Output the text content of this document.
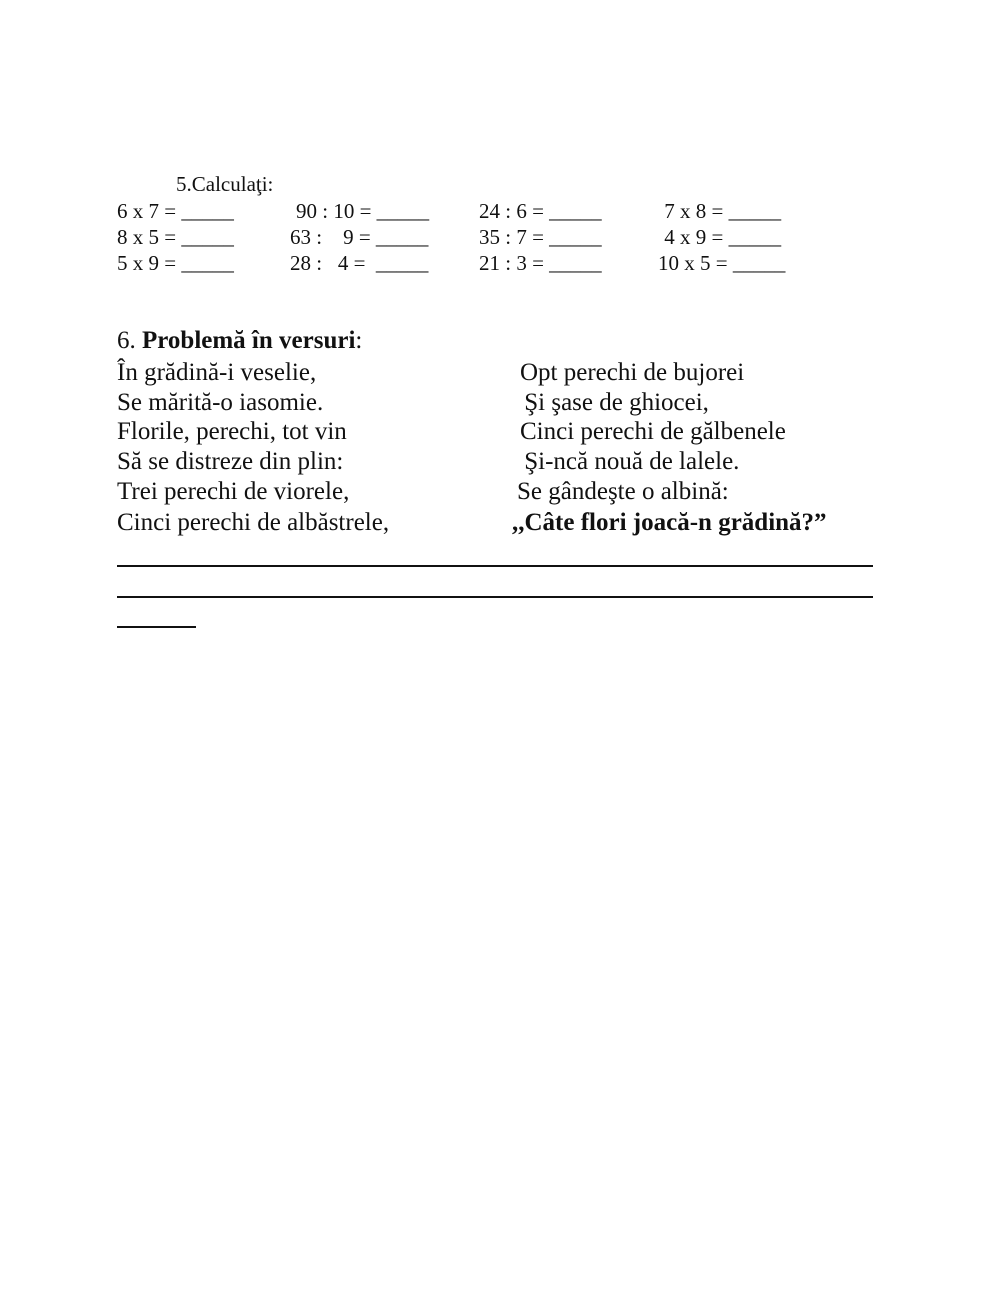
5.Calculaţi:
6 x 7 = _____	90 : 10 = _____ 24 : 6 = _____	7 x 8 = _____
8 x 5 = _____	63 :    9 = _____ 35 : 7 = _____	4 x 9 = _____
5 x 9 = _____	28 :   4 =  _____ 21 : 3 = _____	10 x 5 = _____
6. Problemă în versuri:
În grădină-i veselie,
Se mărită-o iasomie.
Florile, perechi, tot vin
Să se distreze din plin:
Trei perechi de viorele,
Cinci perechi de albăstrele,
Opt perechi de bujorei
Şi şase de ghiocei,
Cinci perechi de gălbenele
Şi-ncă nouă de lalele.
Se gândeşte o albină:
,,Câte flori joacă-n grădină?”
